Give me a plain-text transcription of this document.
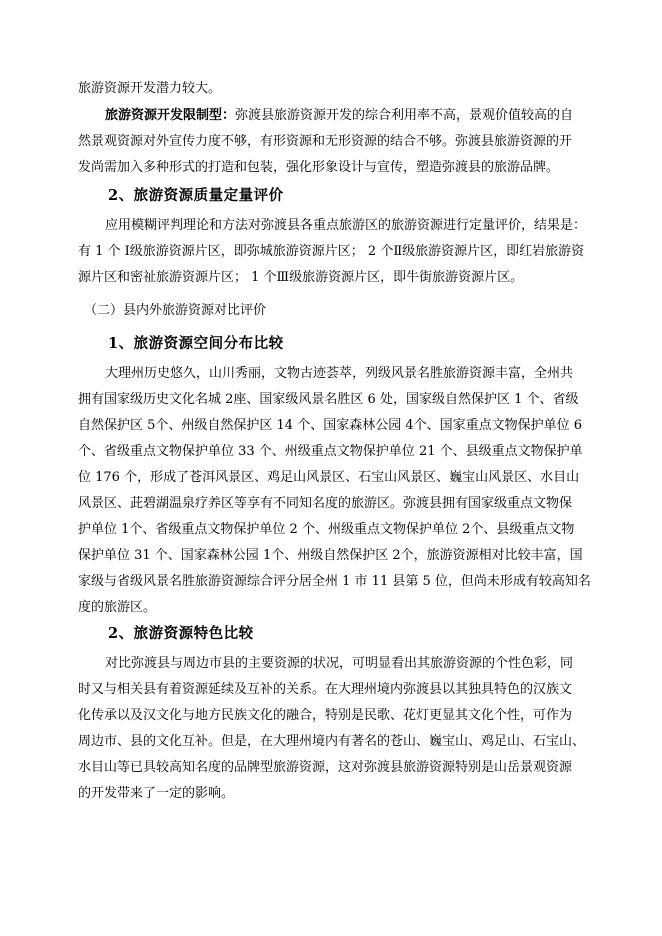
旅游资源开发潜力较大。
旅游资源开发限制型：弥渡县旅游资源开发的综合利用率不高，景观价值较高的自
然景观资源对外宣传力度不够，有形资源和无形资源的结合不够。弥渡县旅游资源的开
发尚需加入多种形式的打造和包装，强化形象设计与宣传，塑造弥渡县的旅游品牌。
2、旅游资源质量定量评价
应用模糊评判理论和方法对弥渡县各重点旅游区的旅游资源进行定量评价，结果是：
有 1 个 Ⅰ级旅游资源片区，即弥城旅游资源片区； 2 个Ⅱ级旅游资源片区，即红岩旅游资
源片区和密祉旅游资源片区； 1 个Ⅲ级旅游资源片区，即牛街旅游资源片区。
（二）县内外旅游资源对比评价
1、旅游资源空间分布比较
大理州历史悠久，山川秀丽，文物古迹荟萃，列级风景名胜旅游资源丰富，全州共
拥有国家级历史文化名城 2座、国家级风景名胜区 6 处，国家级自然保护区 1 个、省级
自然保护区 5个、州级自然保护区 14 个、国家森林公园 4个、国家重点文物保护单位 6
个、省级重点文物保护单位 33 个、州级重点文物保护单位 21 个、县级重点文物保护单
位 176 个，形成了苍洱风景区、鸡足山风景区、石宝山风景区、巍宝山风景区、水目山
风景区、茈碧湖温泉疗养区等享有不同知名度的旅游区。弥渡县拥有国家级重点文物保
护单位 1个、省级重点文物保护单位 2 个、州级重点文物保护单位 2个、县级重点文物
保护单位 31 个、国家森林公园 1个、州级自然保护区 2个，旅游资源相对比较丰富，国
家级与省级风景名胜旅游资源综合评分居全州 1 市 11 县第 5 位，但尚未形成有较高知名
度的旅游区。
2、旅游资源特色比较
对比弥渡县与周边市县的主要资源的状况，可明显看出其旅游资源的个性色彩，同
时又与相关县有着资源延续及互补的关系。在大理州境内弥渡县以其独具特色的汉族文
化传承以及汉文化与地方民族文化的融合，特别是民歌、花灯更显其文化个性，可作为
周边市、县的文化互补。但是，在大理州境内有著名的苍山、巍宝山、鸡足山、石宝山、
水目山等已具较高知名度的品牌型旅游资源，这对弥渡县旅游资源特别是山岳景观资源
的开发带来了一定的影响。
